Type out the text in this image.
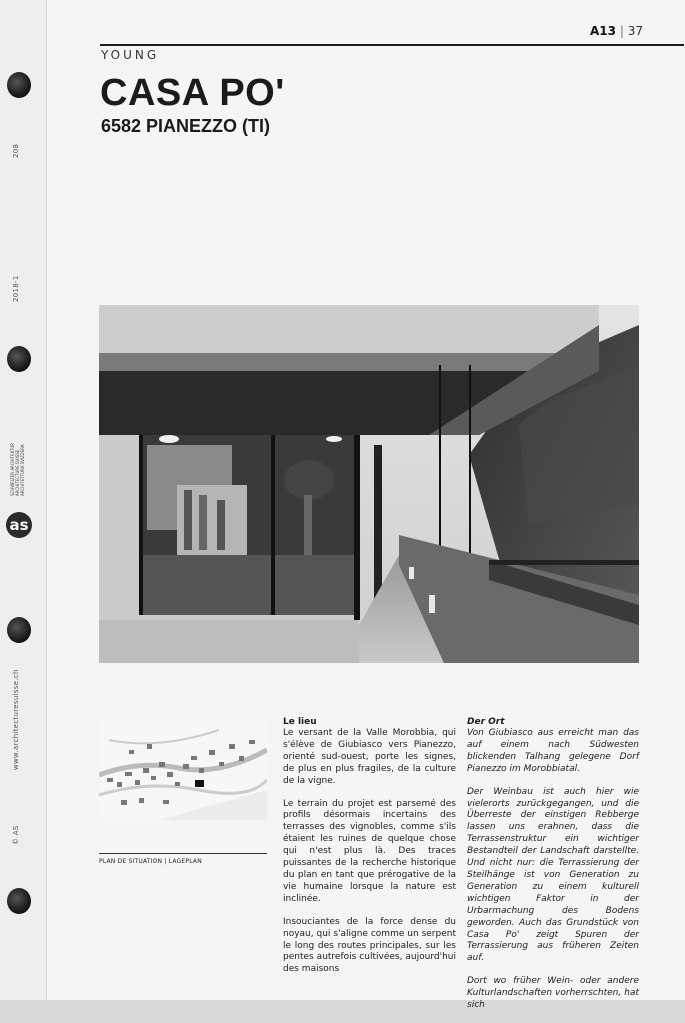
208
2018-1
SCHWEIZER ARCHITEKTUR ARCHITECTURE SUISSE ARCHITETTURA SVIZZERA
as
www.architecturesuisse.ch
© AS
A13 | 37
YOUNG
CASA PO'
6582 PIANEZZO (TI)
PLAN DE SITUATION | LAGEPLAN
Le lieu

Le versant de la Valle Morobbia, qui s'élève de Giubiasco vers Pianezzo, orienté sud-ouest, porte les signes, de plus en plus fragiles, de la culture de la vigne.

Le terrain du projet est parsemé des profils désormais incertains des terrasses des vignobles, comme s'ils étaient les ruines de quelque chose qui n'est plus là. Des traces puissantes de la recherche historique du plan en tant que prérogative de la vie humaine lorsque la nature est inclinée.

Insouciantes de la force dense du noyau, qui s'aligne comme un serpent le long des routes principales, sur les pentes autrefois cultivées, aujourd'hui des maisons

Der Ort

Von Giubiasco aus erreicht man das auf einem nach Südwesten blickenden Talhang gelegene Dorf Pianezzo im Morobbiatal.

Der Weinbau ist auch hier wie vielerorts zurückgegangen, und die Überreste der einstigen Rebberge lassen uns erahnen, dass die Terrassenstruktur ein wichtiger Bestandteil der Landschaft darstellte. Und nicht nur: die Terrassierung der Steilhänge ist von Generation zu Generation zu einem kulturell wichtigen Faktor in der Urbarmachung des Bodens geworden. Auch das Grundstück von Casa Po' zeigt Spuren der Terrassierung aus früheren Zeiten auf.

Dort wo früher Wein- oder andere Kulturlandschaften vorherrschten, hat sich
